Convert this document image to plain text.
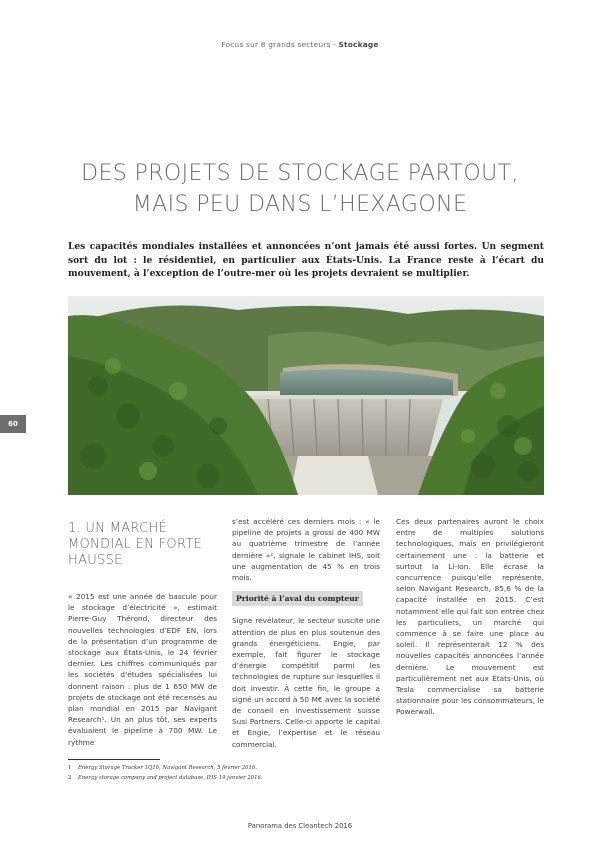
Focus sur 8 grands secteurs - Stockage
60
DES PROJETS DE STOCKAGE PARTOUT,
MAIS PEU DANS L’HEXAGONE
Les capacités mondiales installées et annoncées n’ont jamais été aussi fortes. Un segment sort du lot : le résidentiel, en particulier aux États-Unis. La France reste à l’écart du mouvement, à l’exception de l’outre-mer où les projets devraient se multiplier.
1. UN MARCHÉ MONDIAL EN FORTE HAUSSE

« 2015 est une année de bascule pour le stockage d’électricité », estimait Pierre-Guy Thérond, directeur des nouvelles technologies d’EDF EN, lors de la présentation d’un programme de stockage aux États-Unis, le 24 février dernier. Les chiffres communiqués par les sociétés d’études spécialisées lui donnent raison : plus de 1 650 MW de projets de stockage ont été recensés au plan mondial en 2015 par Navigant Research¹. Un an plus tôt, ses experts évaluaient le pipeline à 700 MW. Le rythme

s’est accéléré ces derniers mois : « le pipeline de projets a grossi de 400 MW au quatrième trimestre de l’année dernière »², signale le cabinet IHS, soit une augmentation de 45 % en trois mois.

Priorité à l’aval du compteur

Signe révélateur, le secteur suscite une attention de plus en plus soutenue des grands énergéticiens. Engie, par exemple, fait figurer le stockage d’énergie compétitif parmi les technologies de rupture sur lesquelles il doit investir. À cette fin, le groupe a signé un accord à 50 M€ avec la société de conseil en investissement suisse Susi Partners. Celle-ci apporte le capital et Engie, l’expertise et le réseau commercial.

Ces deux partenaires auront le choix entre de multiples solutions technologiques, mais en privilégieront certainement une : la batterie et surtout la Li-Ion. Elle écrase la concurrence puisqu’elle représente, selon Navigant Research, 85,6 % de la capacité installée en 2015. C’est notamment elle qui fait son entrée chez les particuliers, un marché qui commence à se faire une place au soleil. Il représenterait 12 % des nouvelles capacités annoncées l’année dernière. Le mouvement est particulièrement net aux États-Unis, où Tesla commercialise sa batterie stationnaire pour les consommateurs, le Powerwall.

1 Energy Storage Tracker 1Q16, Navigant Research, 5 février 2016.
2 Energy storage company and project database, IHS 19 janvier 2016.
Panorama des Cleantech 2016
